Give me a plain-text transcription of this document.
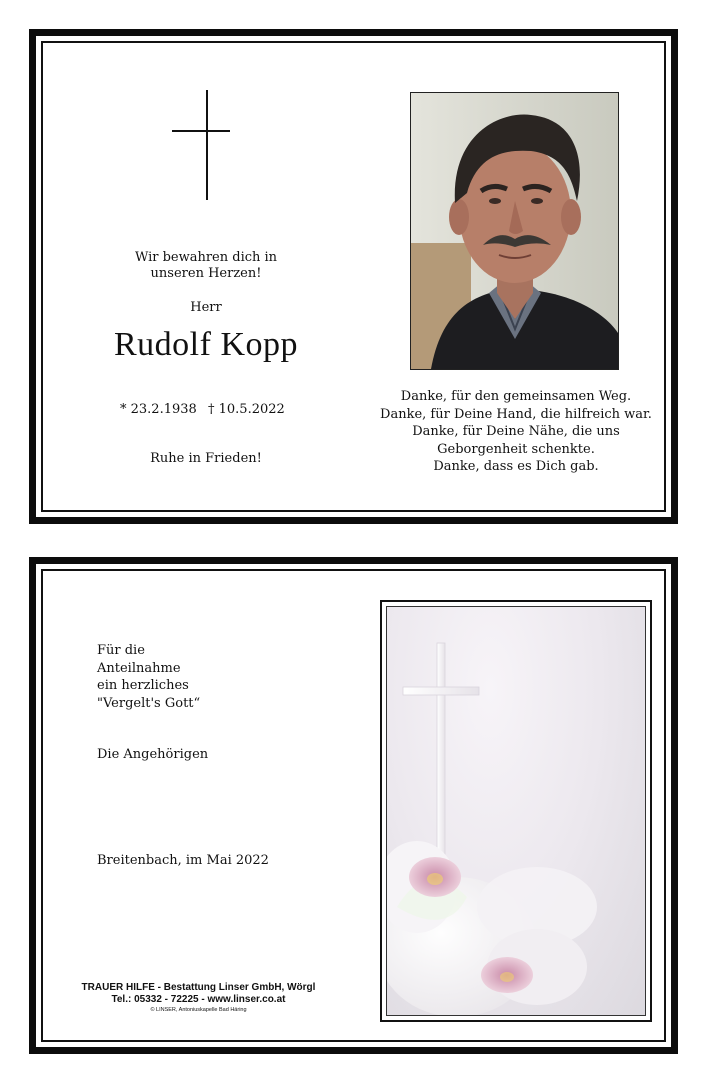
Wir bewahren dich in
unseren Herzen!
Herr
Rudolf Kopp
* 23.2.1938 † 10.5.2022
Ruhe in Frieden!
Danke, für den gemeinsamen Weg.
Danke, für Deine Hand, die hilfreich war.
Danke, für Deine Nähe, die uns
Geborgenheit schenkte.
Danke, dass es Dich gab.
Für die
Anteilnahme
ein herzliches
"Vergelt's Gott“
Die Angehörigen
Breitenbach, im Mai 2022
TRAUER HILFE - Bestattung Linser GmbH, Wörgl
Tel.: 05332 - 72225 - www.linser.co.at
© LINSER, Antoniuskapelle Bad Häring
